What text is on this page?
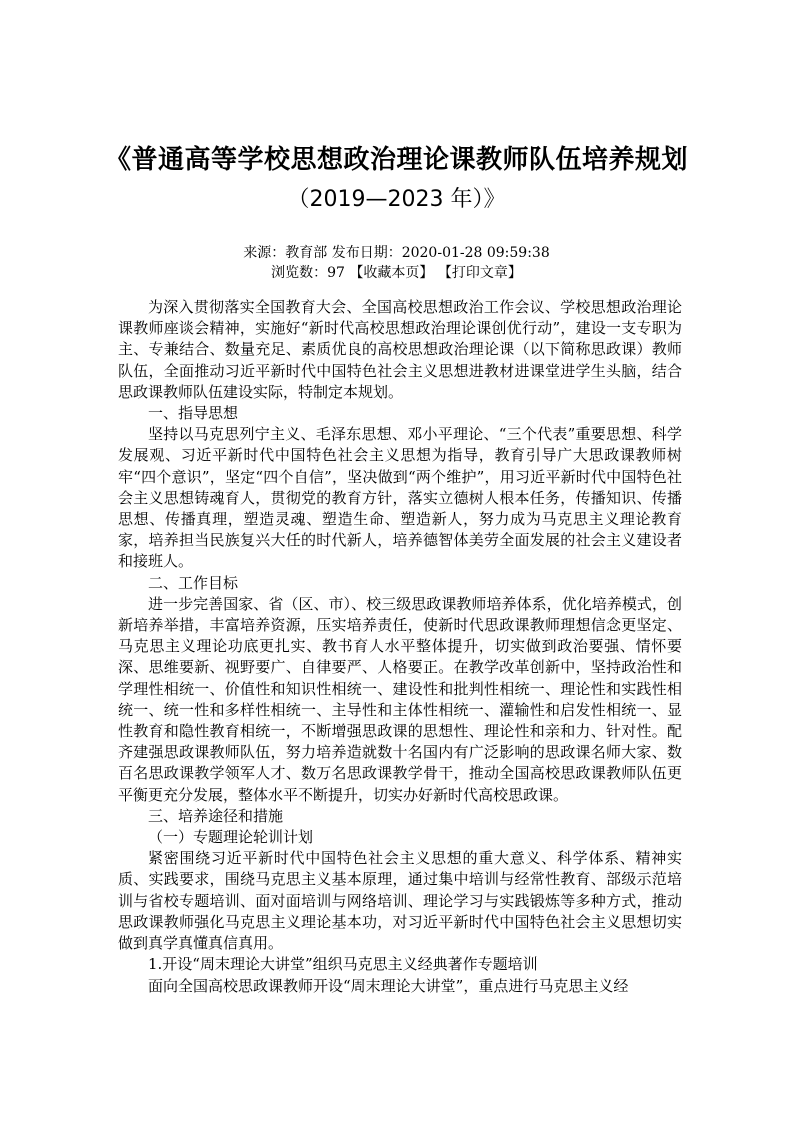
《普通高等学校思想政治理论课教师队伍培养规划
（2019—2023 年）》
来源：教育部 发布日期：2020-01-28 09:59:38
浏览数：97 【收藏本页】 【打印文章】

为深入贯彻落实全国教育大会、全国高校思想政治工作会议、学校思想政治理论课教师座谈会精神，实施好“新时代高校思想政治理论课创优行动”，建设一支专职为主、专兼结合、数量充足、素质优良的高校思想政治理论课（以下简称思政课）教师队伍，全面推动习近平新时代中国特色社会主义思想进教材进课堂进学生头脑，结合思政课教师队伍建设实际，特制定本规划。

一、指导思想

坚持以马克思列宁主义、毛泽东思想、邓小平理论、“三个代表”重要思想、科学发展观、习近平新时代中国特色社会主义思想为指导，教育引导广大思政课教师树牢“四个意识”，坚定“四个自信”，坚决做到“两个维护”，用习近平新时代中国特色社会主义思想铸魂育人，贯彻党的教育方针，落实立德树人根本任务，传播知识、传播思想、传播真理，塑造灵魂、塑造生命、塑造新人，努力成为马克思主义理论教育家，培养担当民族复兴大任的时代新人，培养德智体美劳全面发展的社会主义建设者和接班人。

二、工作目标

进一步完善国家、省（区、市）、校三级思政课教师培养体系，优化培养模式，创新培养举措，丰富培养资源，压实培养责任，使新时代思政课教师理想信念更坚定、马克思主义理论功底更扎实、教书育人水平整体提升，切实做到政治要强、情怀要深、思维要新、视野要广、自律要严、人格要正。在教学改革创新中，坚持政治性和学理性相统一、价值性和知识性相统一、建设性和批判性相统一、理论性和实践性相统一、统一性和多样性相统一、主导性和主体性相统一、灌输性和启发性相统一、显性教育和隐性教育相统一，不断增强思政课的思想性、理论性和亲和力、针对性。配齐建强思政课教师队伍，努力培养造就数十名国内有广泛影响的思政课名师大家、数百名思政课教学领军人才、数万名思政课教学骨干，推动全国高校思政课教师队伍更平衡更充分发展，整体水平不断提升，切实办好新时代高校思政课。

三、培养途径和措施

（一）专题理论轮训计划

紧密围绕习近平新时代中国特色社会主义思想的重大意义、科学体系、精神实质、实践要求，围绕马克思主义基本原理，通过集中培训与经常性教育、部级示范培训与省校专题培训、面对面培训与网络培训、理论学习与实践锻炼等多种方式，推动思政课教师强化马克思主义理论基本功，对习近平新时代中国特色社会主义思想切实做到真学真懂真信真用。

1.开设“周末理论大讲堂”组织马克思主义经典著作专题培训

面向全国高校思政课教师开设“周末理论大讲堂”，重点进行马克思主义经
